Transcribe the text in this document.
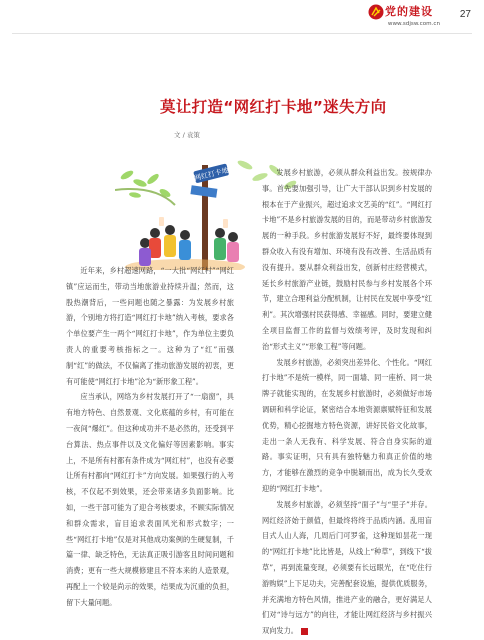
党的建设
www.sdjsw.com.cn
27
莫让打造“网红打卡地”迷失方向
文 / 袁策
网红打卡地

近年来，乡村超速网路，“一大批“网红村”“网红镇”应运而生，带动当地旅游业持续升温；然而，这股热潮背后，一些问题也随之暴露：为发展乡村旅游，个别地方将打造“网红打卡地”纳入考核，要求各个单位要产生一两个“网红打卡地”，作为单位主要负责人的重要考核指标之一。这种为了“红”而强制“红”的做法，不仅偏离了推动旅游发展的初衷，更有可能使“网红打卡地”沦为“新形象工程”。

应当承认，网络为乡村发展打开了“一扇窗”，具有地方特色、自然景观、文化底蕴的乡村，有可能在一夜间“爆红”。但这种成功并不是必然的，还受到平台算法、热点事件以及文化偏好等因素影响。事实上，不是所有村都有条件成为“网红村”，也没有必要让所有村都向“网红打卡”方向发展。如果强行的入考核，不仅起不到效果，还会带来诸多负面影响。比如，一些干部可能为了迎合考核要求，不顾实际情况和群众需求，盲目追求表面风光和形式数字；一些“网红打卡地”仅是对其他成功案例的生硬复制，千篇一律、缺乏特色，无法真正吸引游客且时间问题和消费；更有一些大规模修建且不符本来的人造景观，再配上一个较是尚示的效果，结果成为沉重的负担，留下大量问题。

发展乡村旅游，必须从群众利益出发。按规律办事。首先要加强引导，让广大干部认识到乡村发展的根本在于产业振兴，超过追求文艺美的“红”。“网红打卡地”不是乡村旅游发展的目的，而是带动乡村旅游发展的一种手段。乡村旅游发展好不好，最终要体现到群众收入有没有增加、环境有没有改善、生活品质有没有提升。要从群众利益出发，创新村庄经营模式，延长乡村旅游产业链，鼓励村民参与乡村发展各个环节，建立合理利益分配机制，让村民在发展中享受“红利”。其次增强村民获得感、幸福感。同时，要建立健全项目监督工作的监督与效绩考评，及时发现和纠治“形式主义”“形象工程”等问题。

发展乡村旅游，必须突出差异化、个性化。“网红打卡地”不是统一模样，同一面墙、同一座桥、同一块牌子就能实现的，在发展乡村旅游时，必须做好市场调研和科学论证，紧密结合本地资源禀赋特征和发展优势，精心挖掘地方特色资源，讲好民俗文化故事，走出一条人无我有、科学发展、符合自身实际的道路。事实证明，只有具有独特魅力和真正价值的地方，才能够在激烈的竞争中脱颖而出，成为长久受欢迎的“网红打卡地”。

发展乡村旅游，必须坚持“面子”与“里子”并存。网红经济始于颜值，但最终将终于品质内涵。乱用盲目式人山人海，几周后门可罗雀，这种现如昙花一现的“网红打卡地”比比皆是，从线上“种草”，到线下“拔草”，再到流量变现，必须要有长远眼光，在“吃住行游购娱”上下足功夫，完善配套设施，提供优质服务，并充满地方特色风情，推进产业的融合，更好满足人们对“诗与远方”的向往，才能让网红经济与乡村振兴双向发力。
